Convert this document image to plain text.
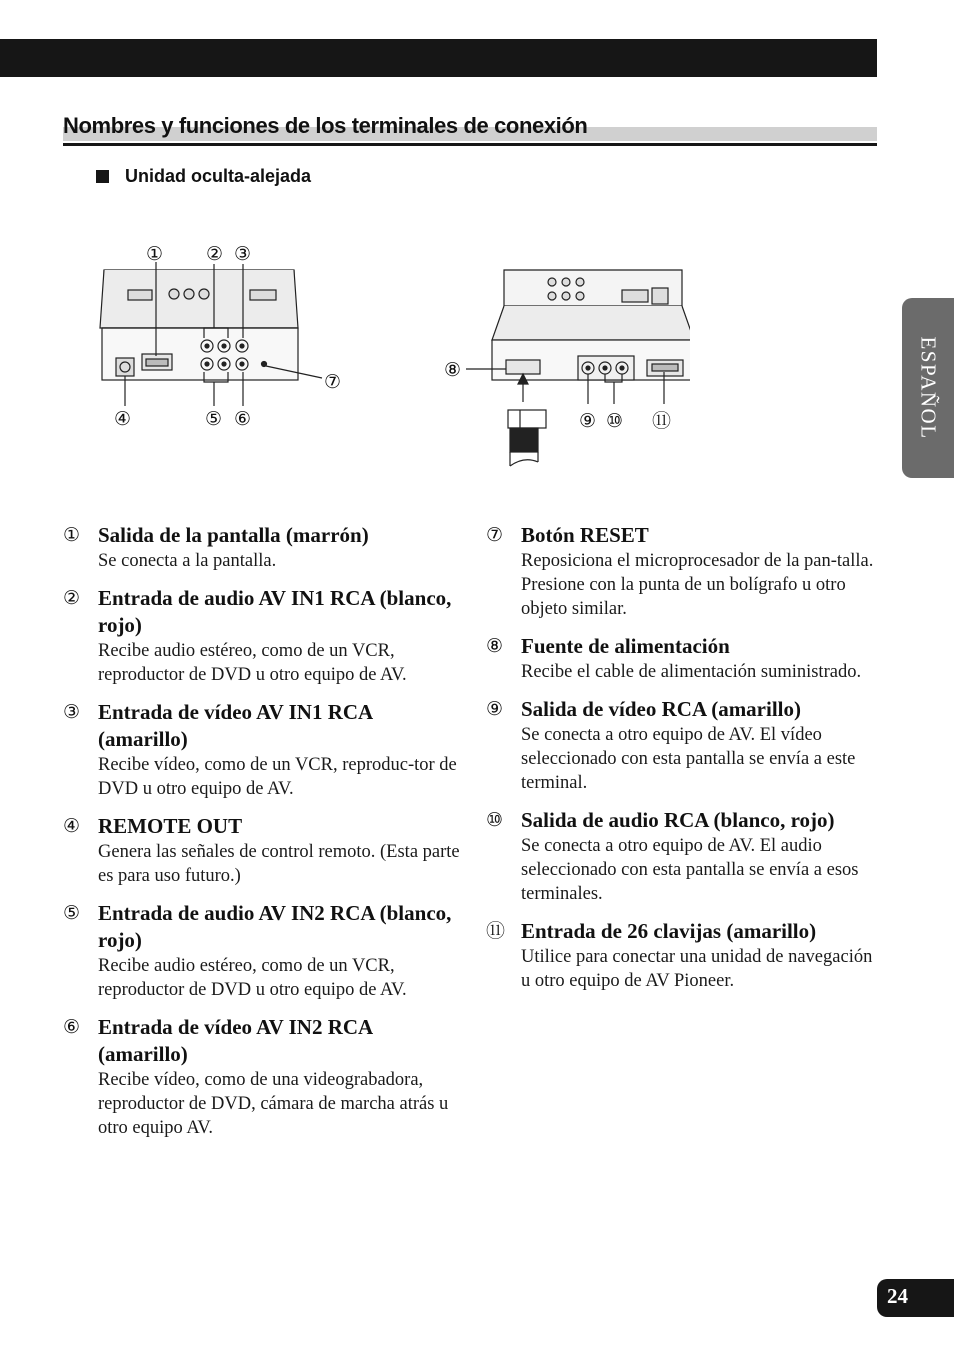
Nombres y funciones de los terminales de conexión
Unidad oculta-alejada
① ② ③
④	⑤ ⑥
⑦
⑧
⑨ ⑩ ⑪	ESPAÑOL
① Salida de la pantalla (marrón)
Se conecta a la pantalla.
② Entrada de audio AV IN1 RCA (blanco, rojo)
Recibe audio estéreo, como de un VCR, reproductor de DVD u otro equipo de AV.
③ Entrada de vídeo AV IN1 RCA (amarillo)
Recibe vídeo, como de un VCR, reproduc-tor de DVD u otro equipo de AV.
④ REMOTE OUT
Genera las señales de control remoto. (Esta parte es para uso futuro.)
⑤ Entrada de audio AV IN2 RCA (blanco, rojo)
Recibe audio estéreo, como de un VCR, reproductor de DVD u otro equipo de AV.
⑥ Entrada de vídeo AV IN2 RCA (amarillo)
Recibe vídeo, como de una videograbadora, reproductor de DVD, cámara de marcha atrás u otro equipo AV.
⑦ Botón RESET
Reposiciona el microprocesador de la pan-talla. Presione con la punta de un bolígrafo u otro objeto similar.
⑧ Fuente de alimentación
Recibe el cable de alimentación suministrado.
⑨ Salida de vídeo RCA (amarillo)
Se conecta a otro equipo de AV. El vídeo seleccionado con esta pantalla se envía a este terminal.
⑩ Salida de audio RCA (blanco, rojo)
Se conecta a otro equipo de AV. El audio seleccionado con esta pantalla se envía a esos terminales.
⑪ Entrada de 26 clavijas (amarillo)
Utilice para conectar una unidad de navegación u otro equipo de AV Pioneer.
24
